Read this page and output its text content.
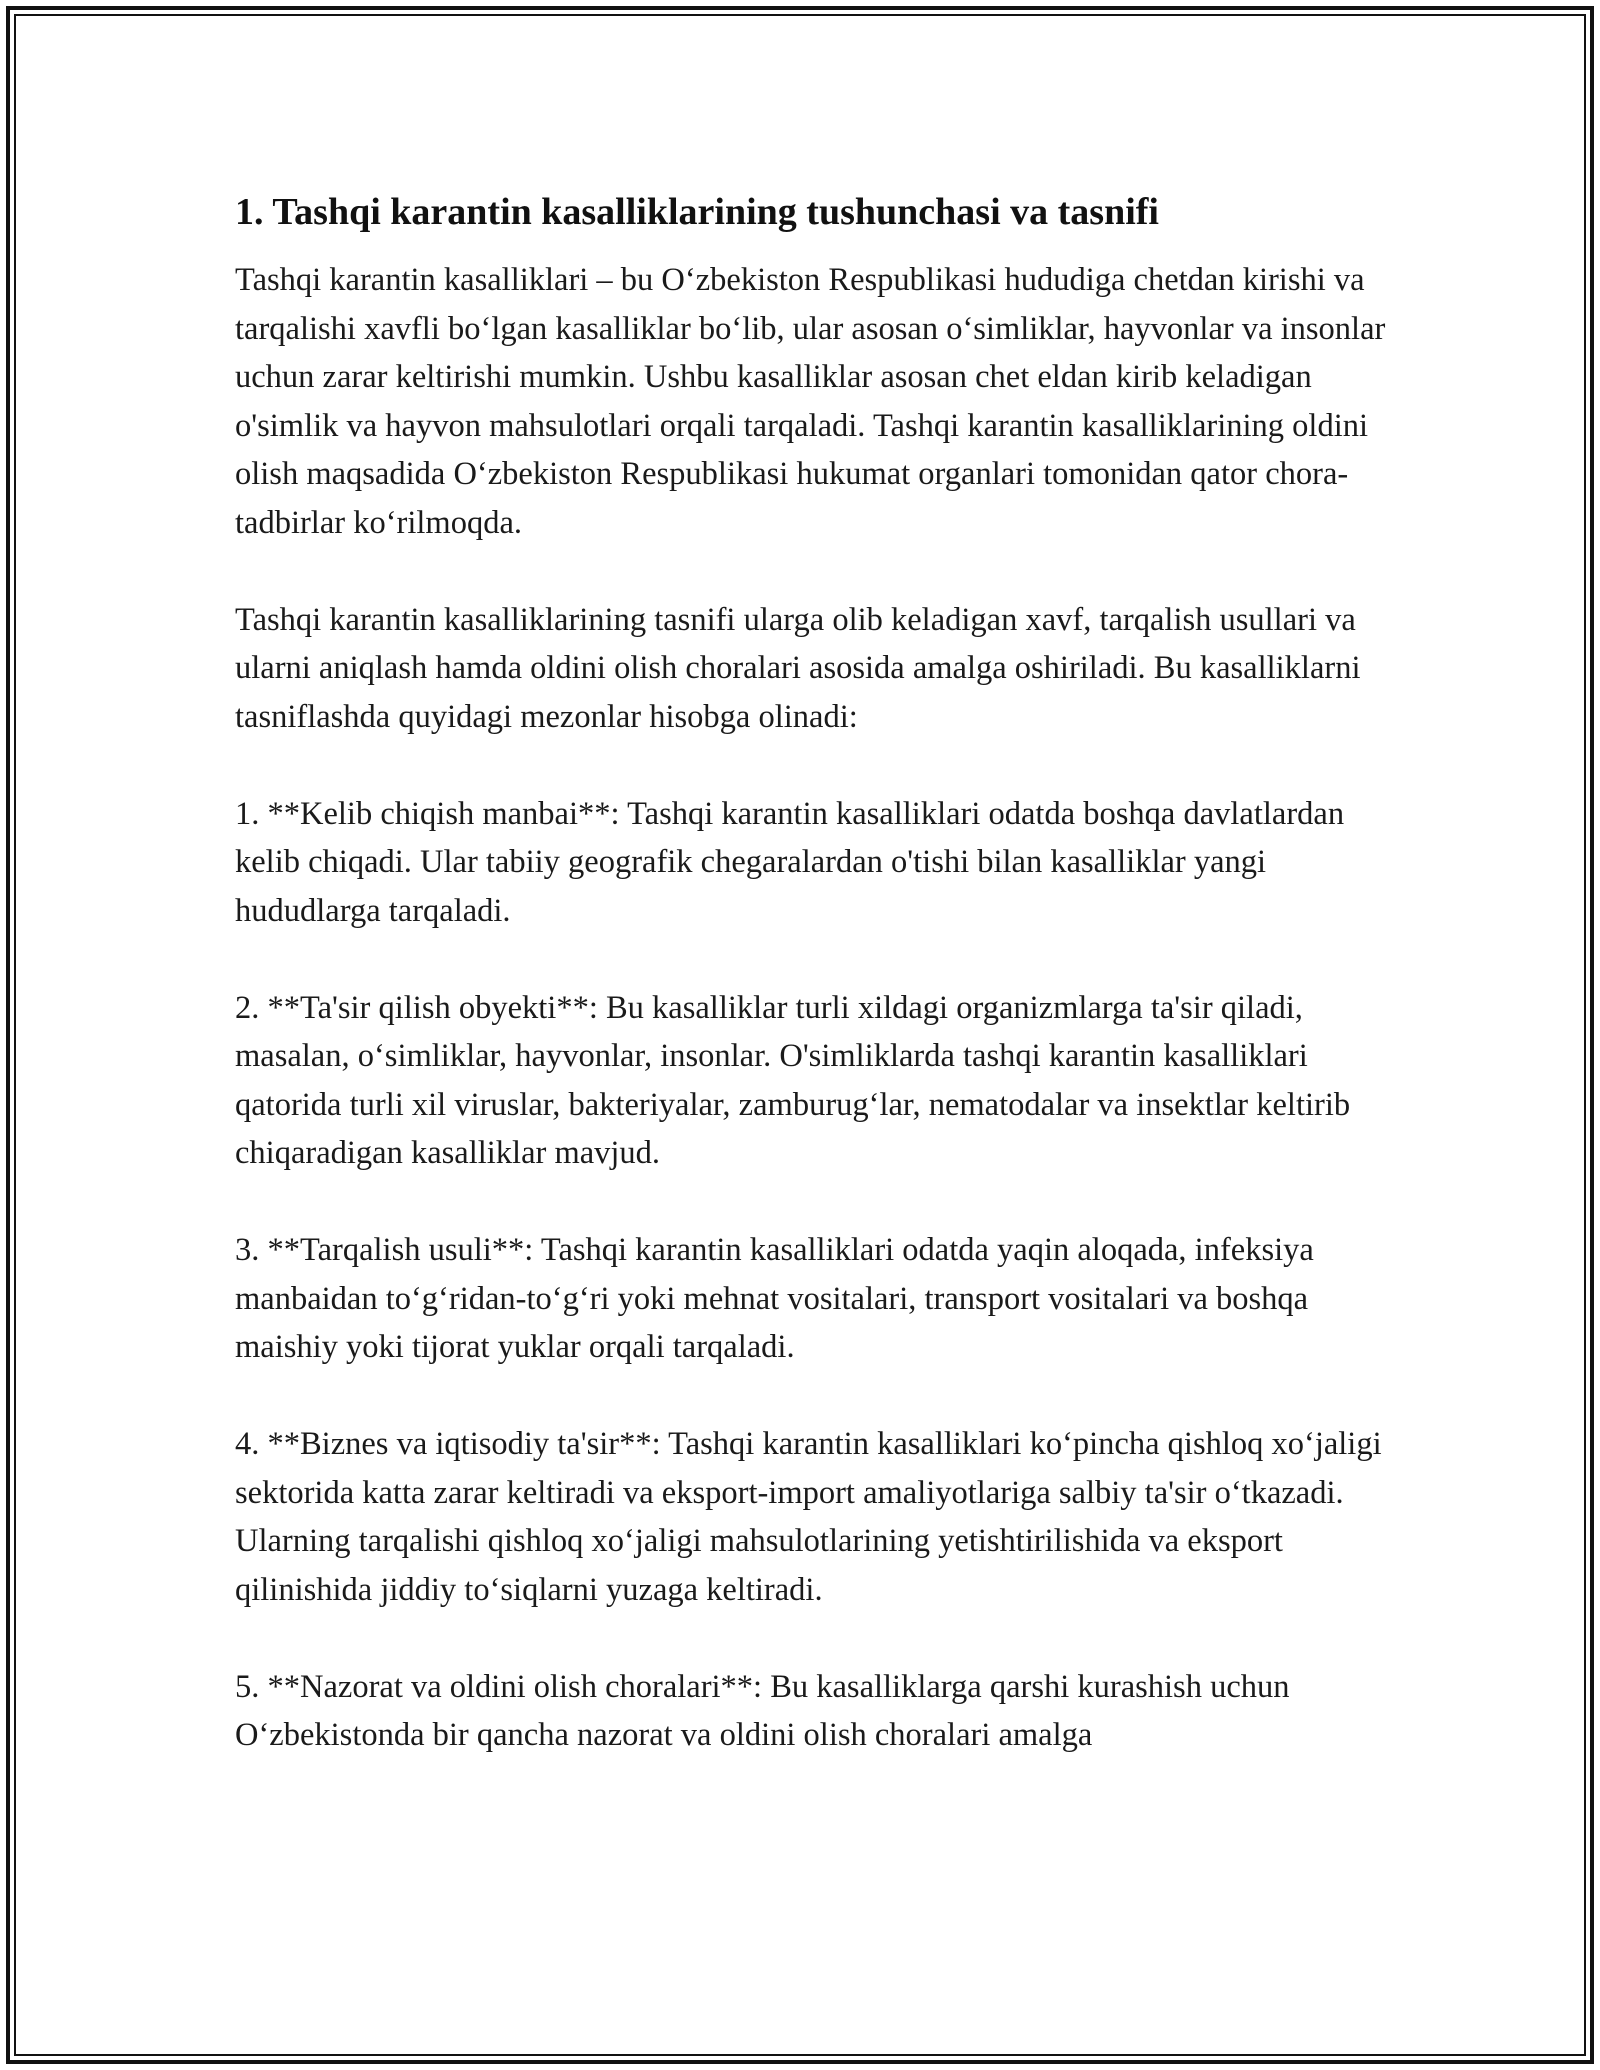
1. Tashqi karantin kasalliklarining tushunchasi va tasnifi

Tashqi karantin kasalliklari – bu O‘zbekiston Respublikasi hududiga chetdan kirishi va tarqalishi xavfli bo‘lgan kasalliklar bo‘lib, ular asosan o‘simliklar, hayvonlar va insonlar uchun zarar keltirishi mumkin. Ushbu kasalliklar asosan chet eldan kirib keladigan o'simlik va hayvon mahsulotlari orqali tarqaladi. Tashqi karantin kasalliklarining oldini olish maqsadida O‘zbekiston Respublikasi hukumat organlari tomonidan qator chora-tadbirlar ko‘rilmoqda.

Tashqi karantin kasalliklarining tasnifi ularga olib keladigan xavf, tarqalish usullari va ularni aniqlash hamda oldini olish choralari asosida amalga oshiriladi. Bu kasalliklarni tasniflashda quyidagi mezonlar hisobga olinadi:

1. **Kelib chiqish manbai**: Tashqi karantin kasalliklari odatda boshqa davlatlardan kelib chiqadi. Ular tabiiy geografik chegaralardan o'tishi bilan kasalliklar yangi hududlarga tarqaladi.

2. **Ta'sir qilish obyekti**: Bu kasalliklar turli xildagi organizmlarga ta'sir qiladi, masalan, o‘simliklar, hayvonlar, insonlar. O'simliklarda tashqi karantin kasalliklari qatorida turli xil viruslar, bakteriyalar, zamburug‘lar, nematodalar va insektlar keltirib chiqaradigan kasalliklar mavjud.

3. **Tarqalish usuli**: Tashqi karantin kasalliklari odatda yaqin aloqada, infeksiya manbaidan to‘g‘ridan-to‘g‘ri yoki mehnat vositalari, transport vositalari va boshqa maishiy yoki tijorat yuklar orqali tarqaladi.

4. **Biznes va iqtisodiy ta'sir**: Tashqi karantin kasalliklari ko‘pincha qishloq xo‘jaligi sektorida katta zarar keltiradi va eksport-import amaliyotlariga salbiy ta'sir o‘tkazadi. Ularning tarqalishi qishloq xo‘jaligi mahsulotlarining yetishtirilishida va eksport qilinishida jiddiy to‘siqlarni yuzaga keltiradi.

5. **Nazorat va oldini olish choralari**: Bu kasalliklarga qarshi kurashish uchun O‘zbekistonda bir qancha nazorat va oldini olish choralari amalga
